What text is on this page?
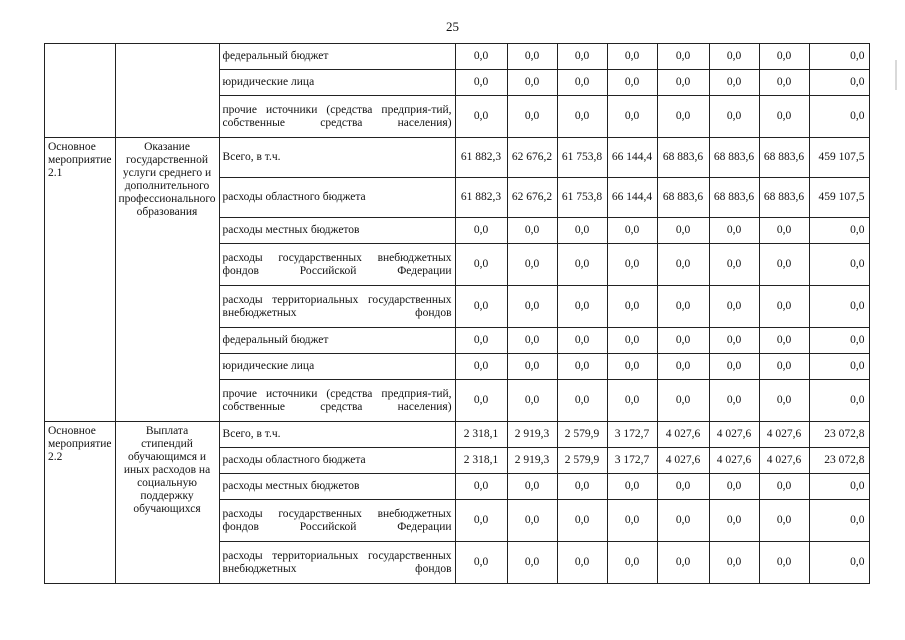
25
		федеральный бюджет	0,0	0,0	0,0	0,0	0,0	0,0	0,0	0,0
		юридические лица	0,0	0,0	0,0	0,0	0,0	0,0	0,0	0,0
		прочие источники (средства предприя-тий, собственные средства населения)	0,0	0,0	0,0	0,0	0,0	0,0	0,0	0,0
Основное мероприятие 2.1	Оказание государственной услуги среднего и дополнительного профессионального образования	Всего, в т.ч.	61 882,3	62 676,2	61 753,8	66 144,4	68 883,6	68 883,6	68 883,6	459 107,5
		расходы областного бюджета	61 882,3	62 676,2	61 753,8	66 144,4	68 883,6	68 883,6	68 883,6	459 107,5
		расходы местных бюджетов	0,0	0,0	0,0	0,0	0,0	0,0	0,0	0,0
		расходы государственных внебюджетных фондов Российской Федерации	0,0	0,0	0,0	0,0	0,0	0,0	0,0	0,0
		расходы территориальных государственных внебюджетных фондов	0,0	0,0	0,0	0,0	0,0	0,0	0,0	0,0
		федеральный бюджет	0,0	0,0	0,0	0,0	0,0	0,0	0,0	0,0
		юридические лица	0,0	0,0	0,0	0,0	0,0	0,0	0,0	0,0
		прочие источники (средства предприя-тий, собственные средства населения)	0,0	0,0	0,0	0,0	0,0	0,0	0,0	0,0
Основное мероприятие 2.2	Выплата стипендий обучающимся и иных расходов на социальную поддержку обучающихся	Всего, в т.ч.	2 318,1	2 919,3	2 579,9	3 172,7	4 027,6	4 027,6	4 027,6	23 072,8
		расходы областного бюджета	2 318,1	2 919,3	2 579,9	3 172,7	4 027,6	4 027,6	4 027,6	23 072,8
		расходы местных бюджетов	0,0	0,0	0,0	0,0	0,0	0,0	0,0	0,0
		расходы государственных внебюджетных фондов Российской Федерации	0,0	0,0	0,0	0,0	0,0	0,0	0,0	0,0
		расходы территориальных государственных внебюджетных фондов	0,0	0,0	0,0	0,0	0,0	0,0	0,0	0,0
